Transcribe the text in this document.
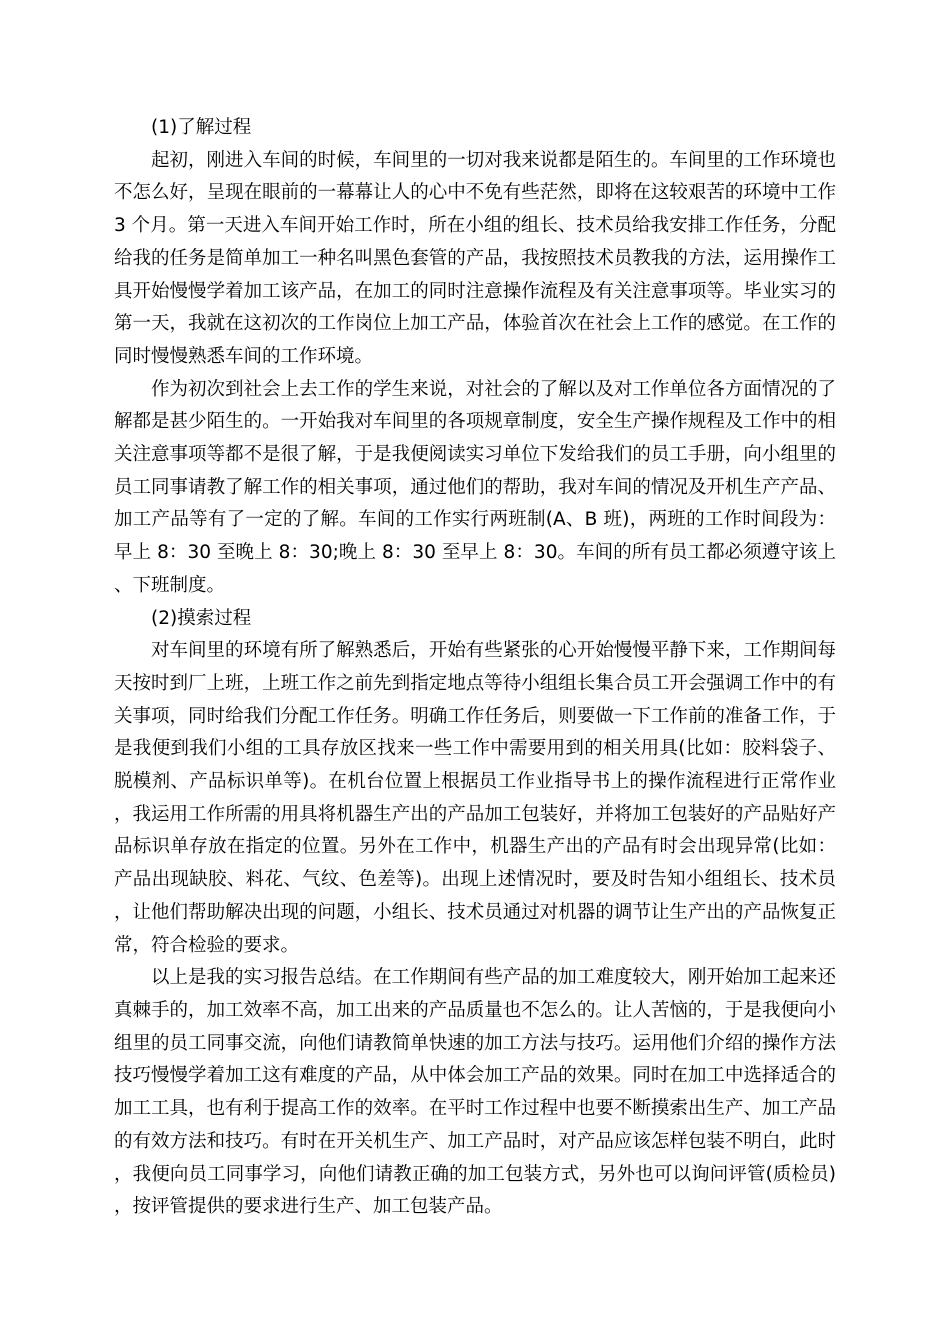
(1)了解过程

起初，刚进入车间的时候，车间里的一切对我来说都是陌生的。车间里的工作环境也不怎么好，呈现在眼前的一幕幕让人的心中不免有些茫然，即将在这较艰苦的环境中工作 3 个月。第一天进入车间开始工作时，所在小组的组长、技术员给我安排工作任务，分配给我的任务是简单加工一种名叫黑色套管的产品，我按照技术员教我的方法，运用操作工具开始慢慢学着加工该产品，在加工的同时注意操作流程及有关注意事项等。毕业实习的第一天，我就在这初次的工作岗位上加工产品，体验首次在社会上工作的感觉。在工作的同时慢慢熟悉车间的工作环境。

作为初次到社会上去工作的学生来说，对社会的了解以及对工作单位各方面情况的了解都是甚少陌生的。一开始我对车间里的各项规章制度，安全生产操作规程及工作中的相关注意事项等都不是很了解，于是我便阅读实习单位下发给我们的员工手册，向小组里的员工同事请教了解工作的相关事项，通过他们的帮助，我对车间的情况及开机生产产品、加工产品等有了一定的了解。车间的工作实行两班制(A、B 班)，两班的工作时间段为：早上 8：30 至晚上 8：30;晚上 8：30 至早上 8：30。车间的所有员工都必须遵守该上、下班制度。

(2)摸索过程

对车间里的环境有所了解熟悉后，开始有些紧张的心开始慢慢平静下来，工作期间每天按时到厂上班，上班工作之前先到指定地点等待小组组长集合员工开会强调工作中的有关事项，同时给我们分配工作任务。明确工作任务后，则要做一下工作前的准备工作，于是我便到我们小组的工具存放区找来一些工作中需要用到的相关用具(比如：胶料袋子、脱模剂、产品标识单等)。在机台位置上根据员工作业指导书上的操作流程进行正常作业，我运用工作所需的用具将机器生产出的产品加工包装好，并将加工包装好的产品贴好产品标识单存放在指定的位置。另外在工作中，机器生产出的产品有时会出现异常(比如：产品出现缺胶、料花、气纹、色差等)。出现上述情况时，要及时告知小组组长、技术员，让他们帮助解决出现的问题，小组长、技术员通过对机器的调节让生产出的产品恢复正常，符合检验的要求。

以上是我的实习报告总结。在工作期间有些产品的加工难度较大，刚开始加工起来还真棘手的，加工效率不高，加工出来的产品质量也不怎么的。让人苦恼的，于是我便向小组里的员工同事交流，向他们请教简单快速的加工方法与技巧。运用他们介绍的操作方法技巧慢慢学着加工这有难度的产品，从中体会加工产品的效果。同时在加工中选择适合的加工工具，也有利于提高工作的效率。在平时工作过程中也要不断摸索出生产、加工产品的有效方法和技巧。有时在开关机生产、加工产品时，对产品应该怎样包装不明白，此时，我便向员工同事学习，向他们请教正确的加工包装方式，另外也可以询问评管(质检员)，按评管提供的要求进行生产、加工包装产品。
